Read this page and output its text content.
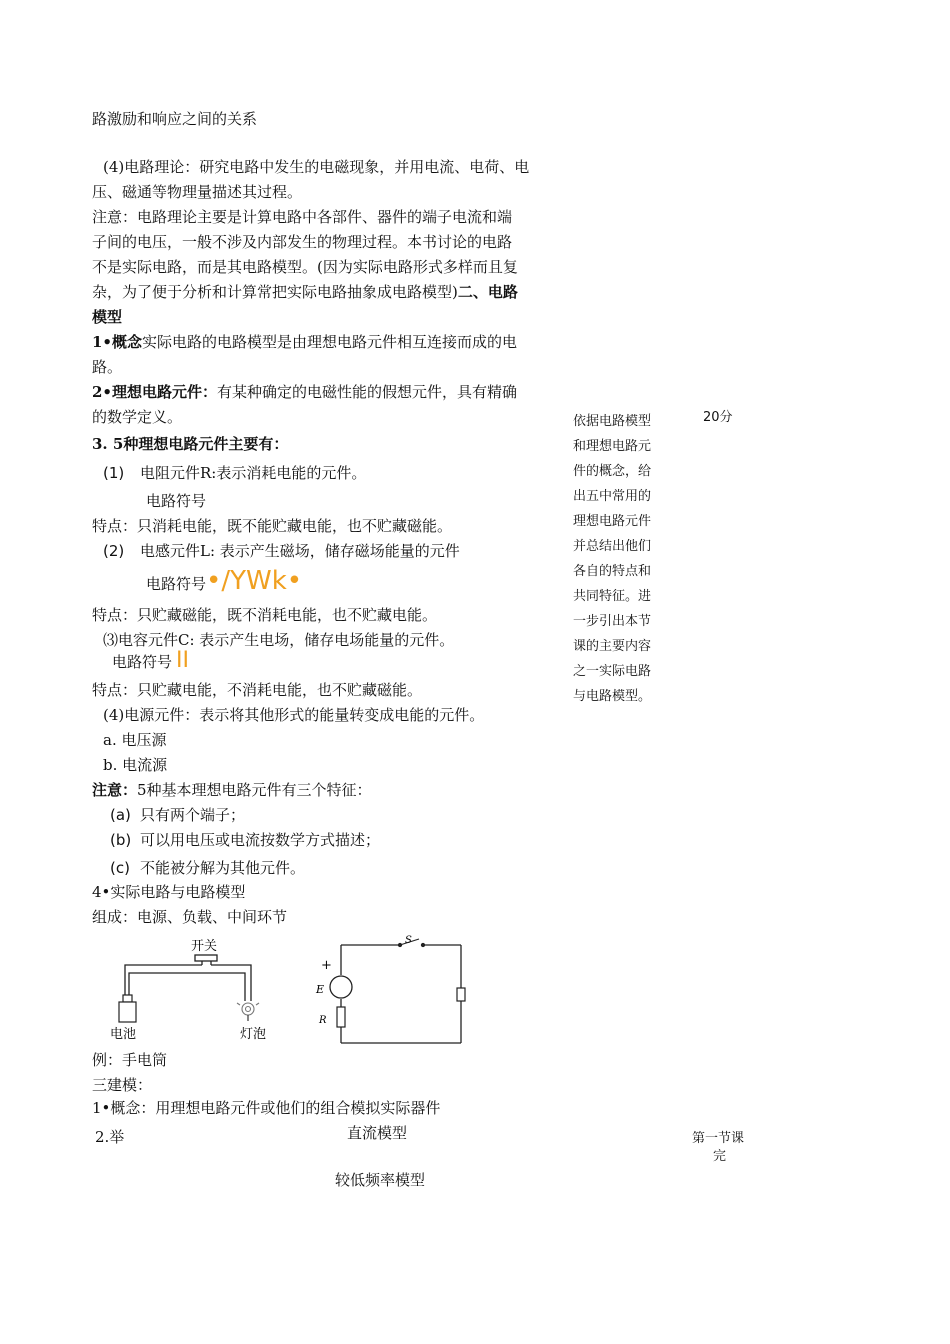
路激励和响应之间的关系
(4)电路理论：研究电路中发生的电磁现象，并用电流、电荷、电
压、磁通等物理量描述其过程。
注意：电路理论主要是计算电路中各部件、器件的端子电流和端
子间的电压，一般不涉及内部发生的物理过程。本书讨论的电路
不是实际电路，而是其电路模型。(因为实际电路形式多样而且复
杂，为了便于分析和计算常把实际电路抽象成电路模型)二、电路
模型
1•概念实际电路的电路模型是由理想电路元件相互连接而成的电
路。
2•理想电路元件：有某种确定的电磁性能的假想元件，具有精确
的数学定义。
3. 5种理想电路元件主要有：
(1) 电阻元件R:表示消耗电能的元件。
电路符号
特点：只消耗电能，既不能贮藏电能，也不贮藏磁能。
(2) 电感元件L: 表示产生磁场，储存磁场能量的元件
电路符号•/YWk•
特点：只贮藏磁能，既不消耗电能，也不贮藏电能。
⑶电容元件C: 表示产生电场，储存电场能量的元件。
电路符号 II
特点：只贮藏电能，不消耗电能，也不贮藏磁能。
(4)电源元件：表示将其他形式的能量转变成电能的元件。
a. 电压源
b. 电流源
注意：5种基本理想电路元件有三个特征：
(a) 只有两个端子；
(b) 可以用电压或电流按数学方式描述；
(c) 不能被分解为其他元件。
4•实际电路与电路模型
组成：电源、负载、中间环节
开关
电池	灯泡
S
+
E
R
例：手电筒
三建模：
1•概念：用理想电路元件或他们的组合模拟实际器件
2.举	直流模型
较低频率模型
依据电路模型
和理想电路元
件的概念，给
出五中常用的
理想电路元件
并总结出他们
各自的特点和
共同特征。进
一步引出本节
课的主要内容
之一实际电路
与电路模型。
20分
第一节课
完
